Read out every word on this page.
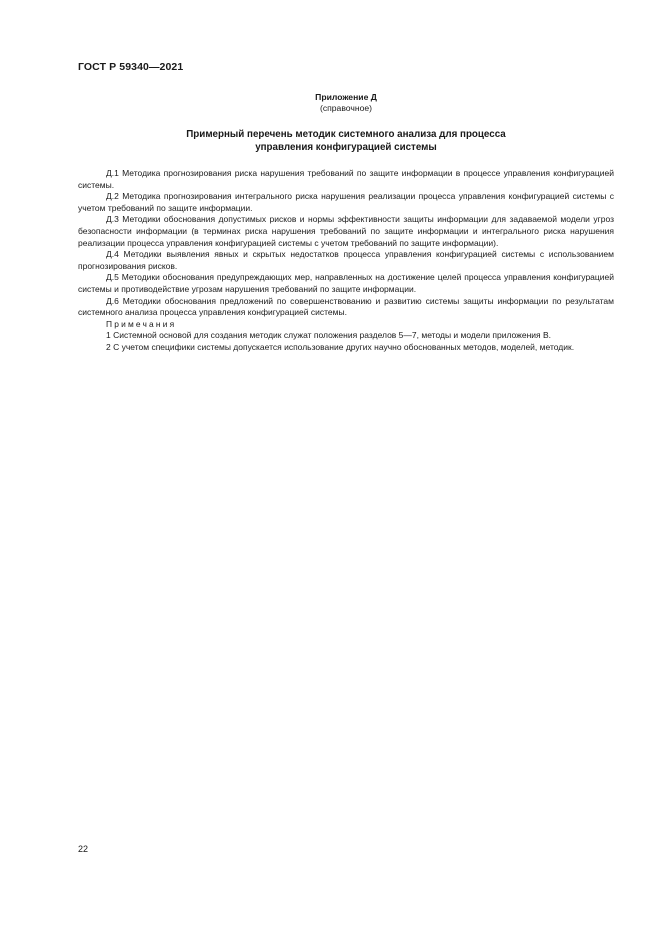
ГОСТ Р 59340—2021
Приложение Д
(справочное)
Примерный перечень методик системного анализа для процесса
управления конфигурацией системы

Д.1 Методика прогнозирования риска нарушения требований по защите информации в процессе управления конфигурацией системы.

Д.2 Методика прогнозирования интегрального риска нарушения реализации процесса управления конфигурацией системы с учетом требований по защите информации.

Д.3 Методики обоснования допустимых рисков и нормы эффективности защиты информации для задаваемой модели угроз безопасности информации (в терминах риска нарушения требований по защите информации и интегрального риска нарушения реализации процесса управления конфигурацией системы с учетом требований по защите информации).

Д.4 Методики выявления явных и скрытых недостатков процесса управления конфигурацией системы с использованием прогнозирования рисков.

Д.5 Методики обоснования предупреждающих мер, направленных на достижение целей процесса управления конфигурацией системы и противодействие угрозам нарушения требований по защите информации.

Д.6 Методики обоснования предложений по совершенствованию и развитию системы защиты информации по результатам системного анализа процесса управления конфигурацией системы.

Примечания

1 Системной основой для создания методик служат положения разделов 5—7, методы и модели приложения В.

2 С учетом специфики системы допускается использование других научно обоснованных методов, моделей, методик.

22
